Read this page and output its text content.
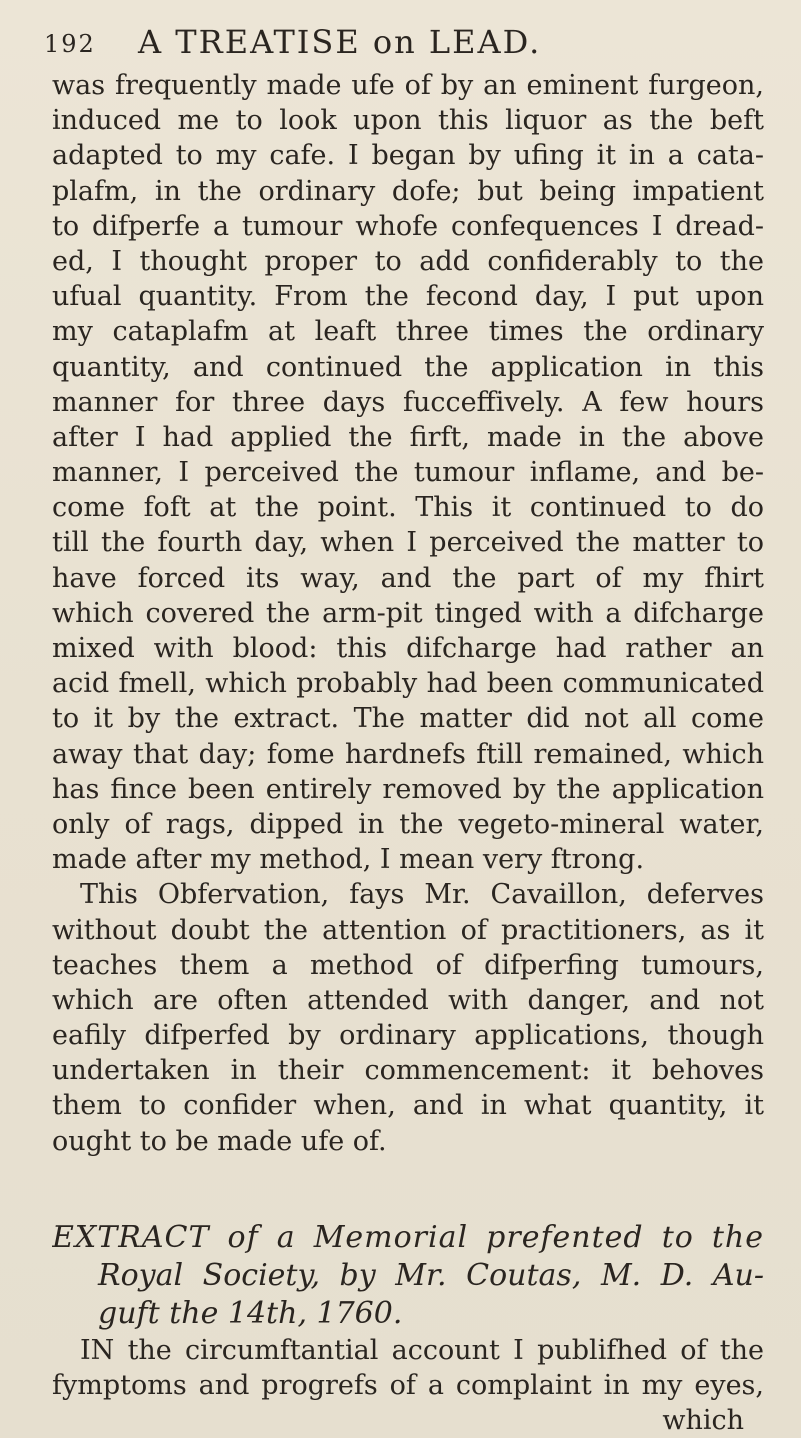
192 A TREATISE on LEAD.
was frequently made ufe of by an eminent furgeon,
induced me to look upon this liquor as the beft
adapted to my cafe. I began by ufing it in a cata-
plafm, in the ordinary dofe; but being impatient
to difperfe a tumour whofe confequences I dread-
ed, I thought proper to add confiderably to the
ufual quantity. From the fecond day, I put upon
my cataplafm at leaft three times the ordinary
quantity, and continued the application in this
manner for three days fucceffively. A few hours
after I had applied the firft, made in the above
manner, I perceived the tumour inflame, and be-
come foft at the point. This it continued to do
till the fourth day, when I perceived the matter to
have forced its way, and the part of my fhirt
which covered the arm-pit tinged with a difcharge
mixed with blood: this difcharge had rather an
acid fmell, which probably had been communicated
to it by the extract. The matter did not all come
away that day; fome hardnefs ftill remained, which
has fince been entirely removed by the application
only of rags, dipped in the vegeto-mineral water,
made after my method, I mean very ftrong.
This Obfervation, fays Mr. Cavaillon, deferves
without doubt the attention of practitioners, as it
teaches them a method of difperfing tumours,
which are often attended with danger, and not
eafily difperfed by ordinary applications, though
undertaken in their commencement: it behoves
them to confider when, and in what quantity, it
ought to be made ufe of.
EXTRACT of a Memorial prefented to the
Royal Society, by Mr. Coutas, M. D. Au-
guft the 14th, 1760.
IN the circumftantial account I publifhed of the
fymptoms and progrefs of a complaint in my eyes,
which
